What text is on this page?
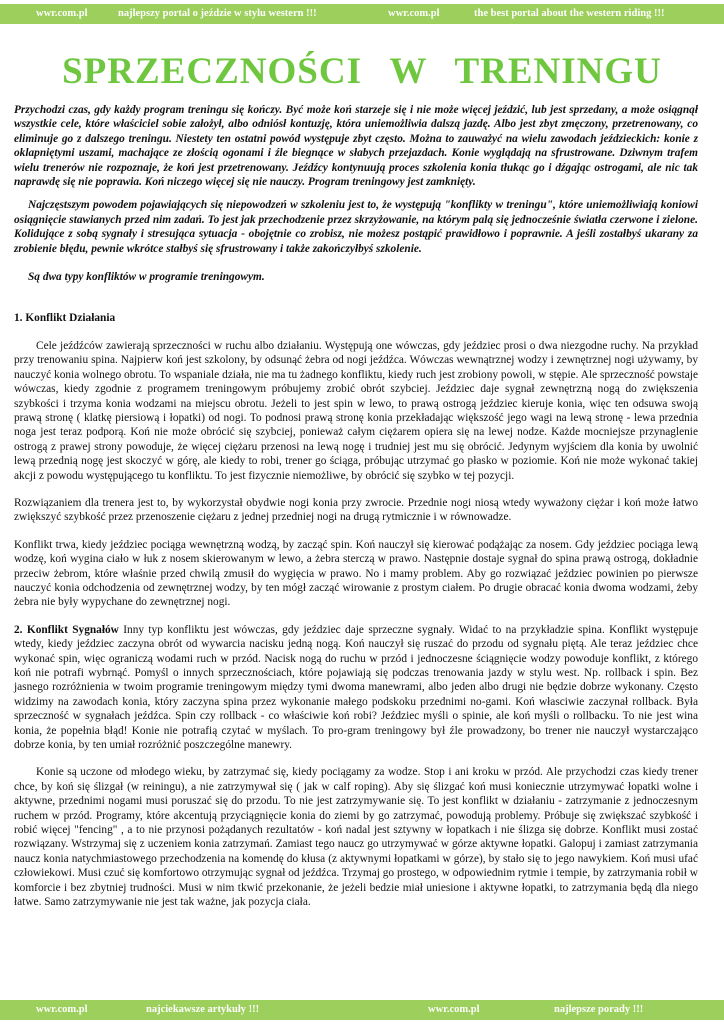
wwr.com.pl	najlepszy portal o jeździe w stylu western !!!	wwr.com.pl	the best portal about the western riding !!!
SPRZECZNOŚCI W TRENINGU

Przychodzi czas, gdy każdy program treningu się kończy. Być może koń starzeje się i nie może więcej jeździć, lub jest sprzedany, a może osiągnął wszystkie cele, które właściciel sobie założył, albo odniósł kontuzję, która uniemożliwia dalszą jazdę. Albo jest zbyt zmęczony, przetrenowany, co eliminuje go z dalszego treningu. Niestety ten ostatni powód występuje zbyt często. Można to zauważyć na wielu zawodach jeździeckich: konie z oklapniętymi uszami, machające ze złością ogonami i źle biegnące w słabych przejazdach. Konie wyglądają na sfrustrowane. Dziwnym trafem wielu trenerów nie rozpoznaje, że koń jest przetrenowany. Jeźdźcy kontynuują proces szkolenia konia tłukąc go i dźgając ostrogami, ale nic tak naprawdę się nie poprawia. Koń niczego więcej się nie nauczy. Program treningowy jest zamknięty.

Najczęstszym powodem pojawiających się niepowodzeń w szkoleniu jest to, że występują "konflikty w treningu", które uniemożliwiają koniowi osiągnięcie stawianych przed nim zadań. To jest jak przechodzenie przez skrzyżowanie, na którym palą się jednocześnie światła czerwone i zielone. Kolidujące z sobą sygnały i stresująca sytuacja - obojętnie co zrobisz, nie możesz postąpić prawidłowo i poprawnie. A jeśli zostałbyś ukarany za zrobienie błędu, pewnie wkrótce stałbyś się sfrustrowany i także zakończyłbyś szkolenie.

Są dwa typy konfliktów w programie treningowym.

1. Konflikt Działania

Cele jeźdźców zawierają sprzeczności w ruchu albo działaniu. Występują one wówczas, gdy jeździec prosi o dwa niezgodne ruchy. Na przykład przy trenowaniu spina. Najpierw koń jest szkolony, by odsunąć żebra od nogi jeźdźca. Wówczas wewnątrznej wodzy i zewnętrznej nogi używamy, by nauczyć konia wolnego obrotu. To wspaniale działa, nie ma tu żadnego konfliktu, kiedy ruch jest zrobiony powoli, w stępie. Ale sprzeczność powstaje wówczas, kiedy zgodnie z programem treningowym próbujemy zrobić obrót szybciej. Jeździec daje sygnał zewnętrzną nogą do zwiększenia szybkości i trzyma konia wodzami na miejscu obrotu. Jeżeli to jest spin w lewo, to prawą ostrogą jeździec kieruje konia, więc ten odsuwa swoją prawą stronę ( klatkę piersiową i łopatki) od nogi. To podnosi prawą stronę konia przekładając większość jego wagi na lewą stronę - lewa przednia noga jest teraz podporą. Koń nie może obrócić się szybciej, ponieważ całym ciężarem opiera się na lewej nodze. Każde mocniejsze przynaglenie ostrogą z prawej strony powoduje, że więcej ciężaru przenosi na lewą nogę i trudniej jest mu się obrócić. Jedynym wyjściem dla konia by uwolnić lewą przednią nogę jest skoczyć w górę, ale kiedy to robi, trener go ściąga, próbując utrzymać go płasko w poziomie. Koń nie może wykonać takiej akcji z powodu występującego tu konfliktu. To jest fizycznie niemożliwe, by obrócić się szybko w tej pozycji.

Rozwiązaniem dla trenera jest to, by wykorzystał obydwie nogi konia przy zwrocie. Przednie nogi niosą wtedy wyważony ciężar i koń może łatwo zwiększyć szybkość przez przenoszenie ciężaru z jednej przedniej nogi na drugą rytmicznie i w równowadze.

Konflikt trwa, kiedy jeździec pociąga wewnętrzną wodzą, by zacząć spin. Koń nauczył się kierować podążając za nosem. Gdy jeździec pociąga lewą wodzę, koń wygina ciało w łuk z nosem skierowanym w lewo, a żebra sterczą w prawo. Następnie dostaje sygnał do spina prawą ostrogą, dokładnie przeciw żebrom, które właśnie przed chwilą zmusił do wygięcia w prawo. No i mamy problem. Aby go rozwiązać jeździec powinien po pierwsze nauczyć konia odchodzenia od zewnętrznej wodzy, by ten mógł zacząć wirowanie z prostym ciałem. Po drugie obracać konia dwoma wodzami, żeby żebra nie były wypychane do zewnętrznej nogi.

2. Konflikt Sygnałów Inny typ konfliktu jest wówczas, gdy jeździec daje sprzeczne sygnały. Widać to na przykładzie spina. Konflikt występuje wtedy, kiedy jeździec zaczyna obrót od wywarcia nacisku jedną nogą. Koń nauczył się ruszać do przodu od sygnału piętą. Ale teraz jeździec chce wykonać spin, więc ograniczą wodami ruch w przód. Nacisk nogą do ruchu w przód i jednoczesne ściągnięcie wodzy powoduje konflikt, z którego koń nie potrafi wybrnąć. Pomyśl o innych sprzecznościach, które pojawiają się podczas trenowania jazdy w stylu west. Np. rollback i spin. Bez jasnego rozróżnienia w twoim programie treningowym między tymi dwoma manewrami, albo jeden albo drugi nie będzie dobrze wykonany. Często widzimy na zawodach konia, który zaczyna spina przez wykonanie małego podskoku przednimi no-gami. Koń własciwie zaczynał rollback. Była sprzeczność w sygnałach jeźdźca. Spin czy rollback - co właściwie koń robi? Jeździec myśli o spinie, ale koń myśli o rollbacku. To nie jest wina konia, że popełnia błąd! Konie nie potrafią czytać w myślach. To pro-gram treningowy był źle prowadzony, bo trener nie nauczył wystarczająco dobrze konia, by ten umiał rozróżnić poszczególne manewry.

Konie są uczone od młodego wieku, by zatrzymać się, kiedy pociągamy za wodze. Stop i ani kroku w przód. Ale przychodzi czas kiedy trener chce, by koń się ślizgał (w reiningu), a nie zatrzymywał się ( jak w calf roping). Aby się ślizgać koń musi koniecznie utrzymywać łopatki wolne i aktywne, przednimi nogami musi poruszać się do przodu. To nie jest zatrzymywanie się. To jest konflikt w działaniu - zatrzymanie z jednoczesnym ruchem w przód. Programy, które akcentują przyciągnięcie konia do ziemi by go zatrzymać, powodują problemy. Próbuje się zwiększać szybkość i robić więcej "fencing" , a to nie przynosi pożądanych rezultatów - koń nadal jest sztywny w łopatkach i nie ślizga się dobrze. Konflikt musi zostać rozwiązany. Wstrzymaj się z uczeniem konia zatrzymań. Zamiast tego naucz go utrzymywać w górze aktywne łopatki. Galopuj i zamiast zatrzymania naucz konia natychmiastowego przechodzenia na komendę do kłusa (z aktywnymi łopatkami w górze), by stało się to jego nawykiem. Koń musi ufać człowiekowi. Musi czuć się komfortowo otrzymując sygnał od jeźdźca. Trzymaj go prostego, w odpowiednim rytmie i tempie, by zatrzymania robił w komforcie i bez zbytniej trudności. Musi w nim tkwić przekonanie, że jeżeli bedzie miał uniesione i aktywne łopatki, to zatrzymania będą dla niego łatwe. Samo zatrzymywanie nie jest tak ważne, jak pozycja ciała.

wwr.com.pl	najciekawsze artykuły !!!	wwr.com.pl	najlepsze porady !!!
